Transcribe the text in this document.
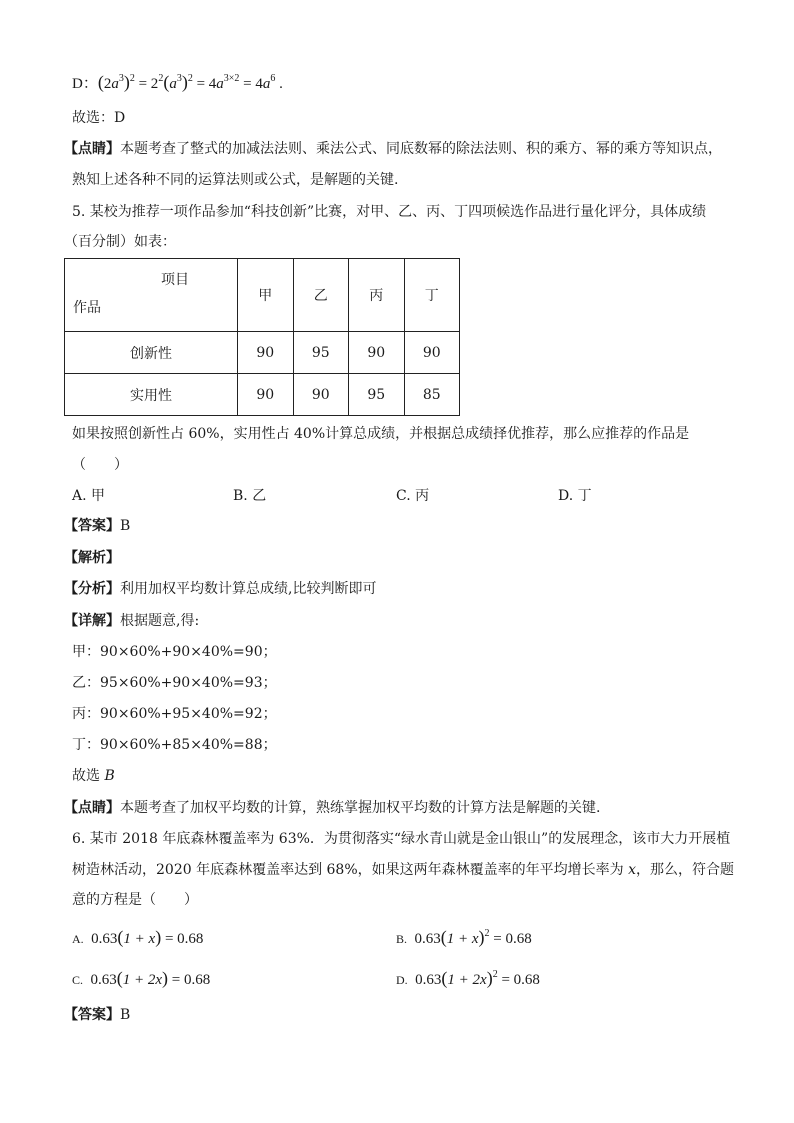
D：$(2a^3)^2 = 2^2(a^3)^2 = 4a^{3\times 2} = 4a^6$ .
故选：D
【点睛】本题考查了整式的加减法法则、乘法公式、同底数幂的除法法则、积的乘方、幂的乘方等知识点，
熟知上述各种不同的运算法则或公式，是解题的关键.
5. 某校为推荐一项作品参加“科技创新”比赛，对甲、乙、丙、丁四项候选作品进行量化评分，具体成绩
（百分制）如表：
项目
作品	甲	乙	丙	丁
创新性	90	95	90	90
实用性	90	90	95	85
如果按照创新性占 60%，实用性占 40%计算总成绩，并根据总成绩择优推荐，那么应推荐的作品是
（　　）
A. 甲	B. 乙	C. 丙	D. 丁
【答案】B
【解析】
【分析】利用加权平均数计算总成绩,比较判断即可
【详解】根据题意,得:
甲：90×60%+90×40%=90；
乙：95×60%+90×40%=93；
丙：90×60%+95×40%=92；
丁：90×60%+85×40%=88；
故选 B
【点睛】本题考查了加权平均数的计算，熟练掌握加权平均数的计算方法是解题的关键.
6. 某市 2018 年底森林覆盖率为 63%．为贯彻落实“绿水青山就是金山银山”的发展理念，该市大力开展植
树造林活动，2020 年底森林覆盖率达到 68%，如果这两年森林覆盖率的年平均增长率为 x，那么，符合题
意的方程是（　　）
A. 0.63(1 + x) = 0.68	B. $0.63(1 + x)^2 = 0.68$
C. 0.63(1 + 2x) = 0.68	D. $0.63(1 + 2x)^2 = 0.68$
【答案】B
